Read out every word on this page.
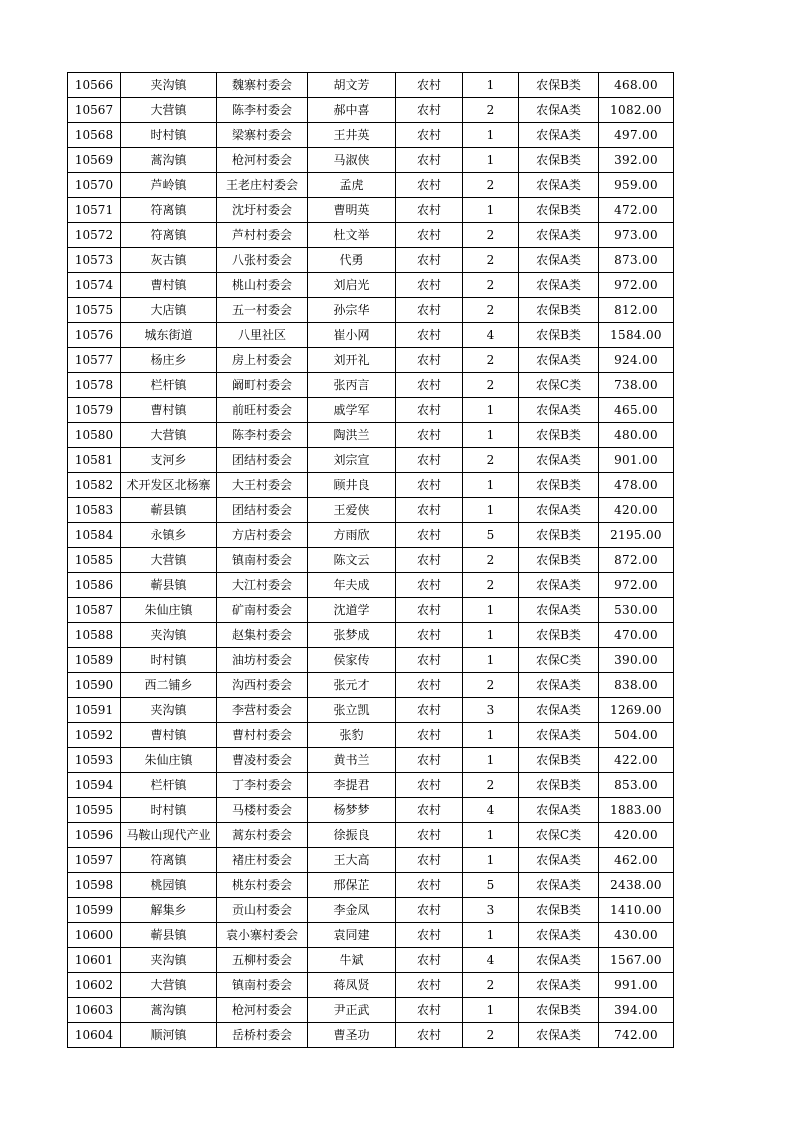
10566	夹沟镇	魏寨村委会	胡文芳	农村	1	农保B类	468.00
10567	大营镇	陈李村委会	郝中喜	农村	2	农保A类	1082.00
10568	时村镇	梁寨村委会	王井英	农村	1	农保A类	497.00
10569	蒿沟镇	枪河村委会	马淑侠	农村	1	农保B类	392.00
10570	芦岭镇	王老庄村委会	孟虎	农村	2	农保A类	959.00
10571	符离镇	沈圩村委会	曹明英	农村	1	农保B类	472.00
10572	符离镇	芦村村委会	杜文举	农村	2	农保A类	973.00
10573	灰古镇	八张村委会	代勇	农村	2	农保A类	873.00
10574	曹村镇	桃山村委会	刘启光	农村	2	农保A类	972.00
10575	大店镇	五一村委会	孙宗华	农村	2	农保B类	812.00
10576	城东街道	八里社区	崔小网	农村	4	农保B类	1584.00
10577	杨庄乡	房上村委会	刘开礼	农村	2	农保A类	924.00
10578	栏杆镇	阚町村委会	张丙言	农村	2	农保C类	738.00
10579	曹村镇	前旺村委会	戚学军	农村	1	农保A类	465.00
10580	大营镇	陈李村委会	陶洪兰	农村	1	农保B类	480.00
10581	支河乡	团结村委会	刘宗宣	农村	2	农保A类	901.00
10582	术开发区北杨寨	大王村委会	顾井良	农村	1	农保B类	478.00
10583	蕲县镇	团结村委会	王爱侠	农村	1	农保A类	420.00
10584	永镇乡	方店村委会	方雨欣	农村	5	农保B类	2195.00
10585	大营镇	镇南村委会	陈文云	农村	2	农保B类	872.00
10586	蕲县镇	大江村委会	年夫成	农村	2	农保A类	972.00
10587	朱仙庄镇	矿南村委会	沈道学	农村	1	农保A类	530.00
10588	夹沟镇	赵集村委会	张梦成	农村	1	农保B类	470.00
10589	时村镇	油坊村委会	侯家传	农村	1	农保C类	390.00
10590	西二铺乡	沟西村委会	张元才	农村	2	农保A类	838.00
10591	夹沟镇	李营村委会	张立凯	农村	3	农保A类	1269.00
10592	曹村镇	曹村村委会	张豹	农村	1	农保A类	504.00
10593	朱仙庄镇	曹凌村委会	黄书兰	农村	1	农保B类	422.00
10594	栏杆镇	丁李村委会	李提君	农村	2	农保B类	853.00
10595	时村镇	马楼村委会	杨梦梦	农村	4	农保A类	1883.00
10596	马鞍山现代产业	蒿东村委会	徐振良	农村	1	农保C类	420.00
10597	符离镇	褚庄村委会	王大高	农村	1	农保A类	462.00
10598	桃园镇	桃东村委会	邢保芷	农村	5	农保A类	2438.00
10599	解集乡	贡山村委会	李金凤	农村	3	农保B类	1410.00
10600	蕲县镇	袁小寨村委会	袁同建	农村	1	农保A类	430.00
10601	夹沟镇	五柳村委会	牛斌	农村	4	农保A类	1567.00
10602	大营镇	镇南村委会	蒋凤贤	农村	2	农保A类	991.00
10603	蒿沟镇	枪河村委会	尹正武	农村	1	农保B类	394.00
10604	顺河镇	岳桥村委会	曹圣功	农村	2	农保A类	742.00
